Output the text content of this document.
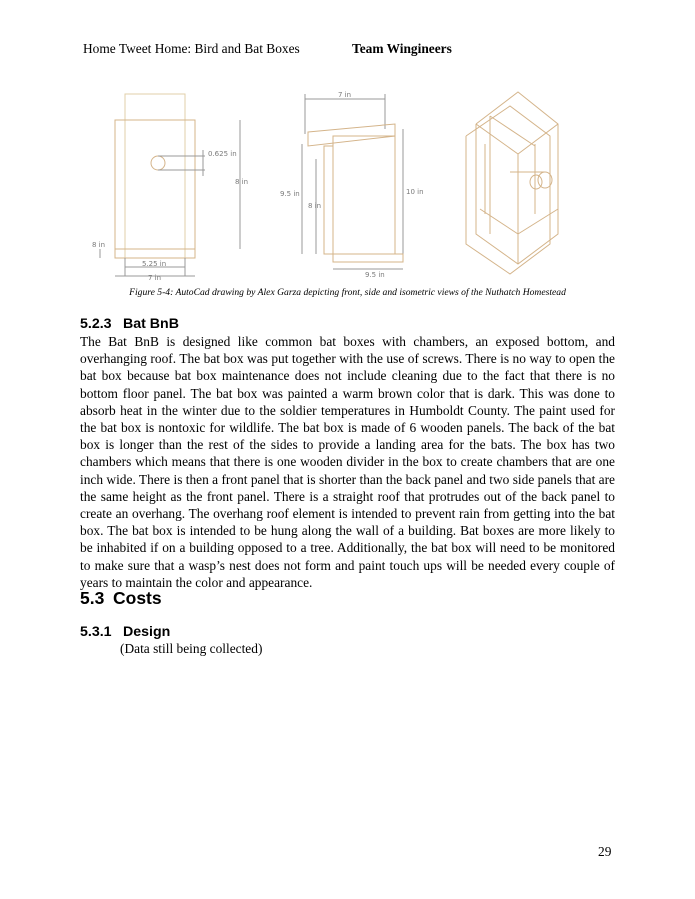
Home Tweet Home: Bird and Bat Boxes	Team Wingineers
0.625 in
8 in
8 in
5.25 in
7 in
7 in
9.5 in
8 in
10 in
9.5 in
Figure 5-4: AutoCad drawing by Alex Garza depicting front, side and isometric views of the Nuthatch Homestead
5.2.3 Bat BnB

The Bat BnB is designed like common bat boxes with chambers, an exposed bottom, and overhanging roof. The bat box was put together with the use of screws. There is no way to open the bat box because bat box maintenance does not include cleaning due to the fact that there is no bottom floor panel. The bat box was painted a warm brown color that is dark. This was done to absorb heat in the winter due to the soldier temperatures in Humboldt County. The paint used for the bat box is nontoxic for wildlife. The bat box is made of 6 wooden panels. The back of the bat box is longer than the rest of the sides to provide a landing area for the bats. The box has two chambers which means that there is one wooden divider in the box to create chambers that are one inch wide. There is then a front panel that is shorter than the back panel and two side panels that are the same height as the front panel. There is a straight roof that protrudes out of the back panel to create an overhang. The overhang roof element is intended to prevent rain from getting into the bat box. The bat box is intended to be hung along the wall of a building. Bat boxes are more likely to be inhabited if on a building opposed to a tree. Additionally, the bat box will need to be monitored to make sure that a wasp’s nest does not form and paint touch ups will be needed every couple of years to maintain the color and appearance.

5.3 Costs
5.3.1 Design
(Data still being collected)
29
